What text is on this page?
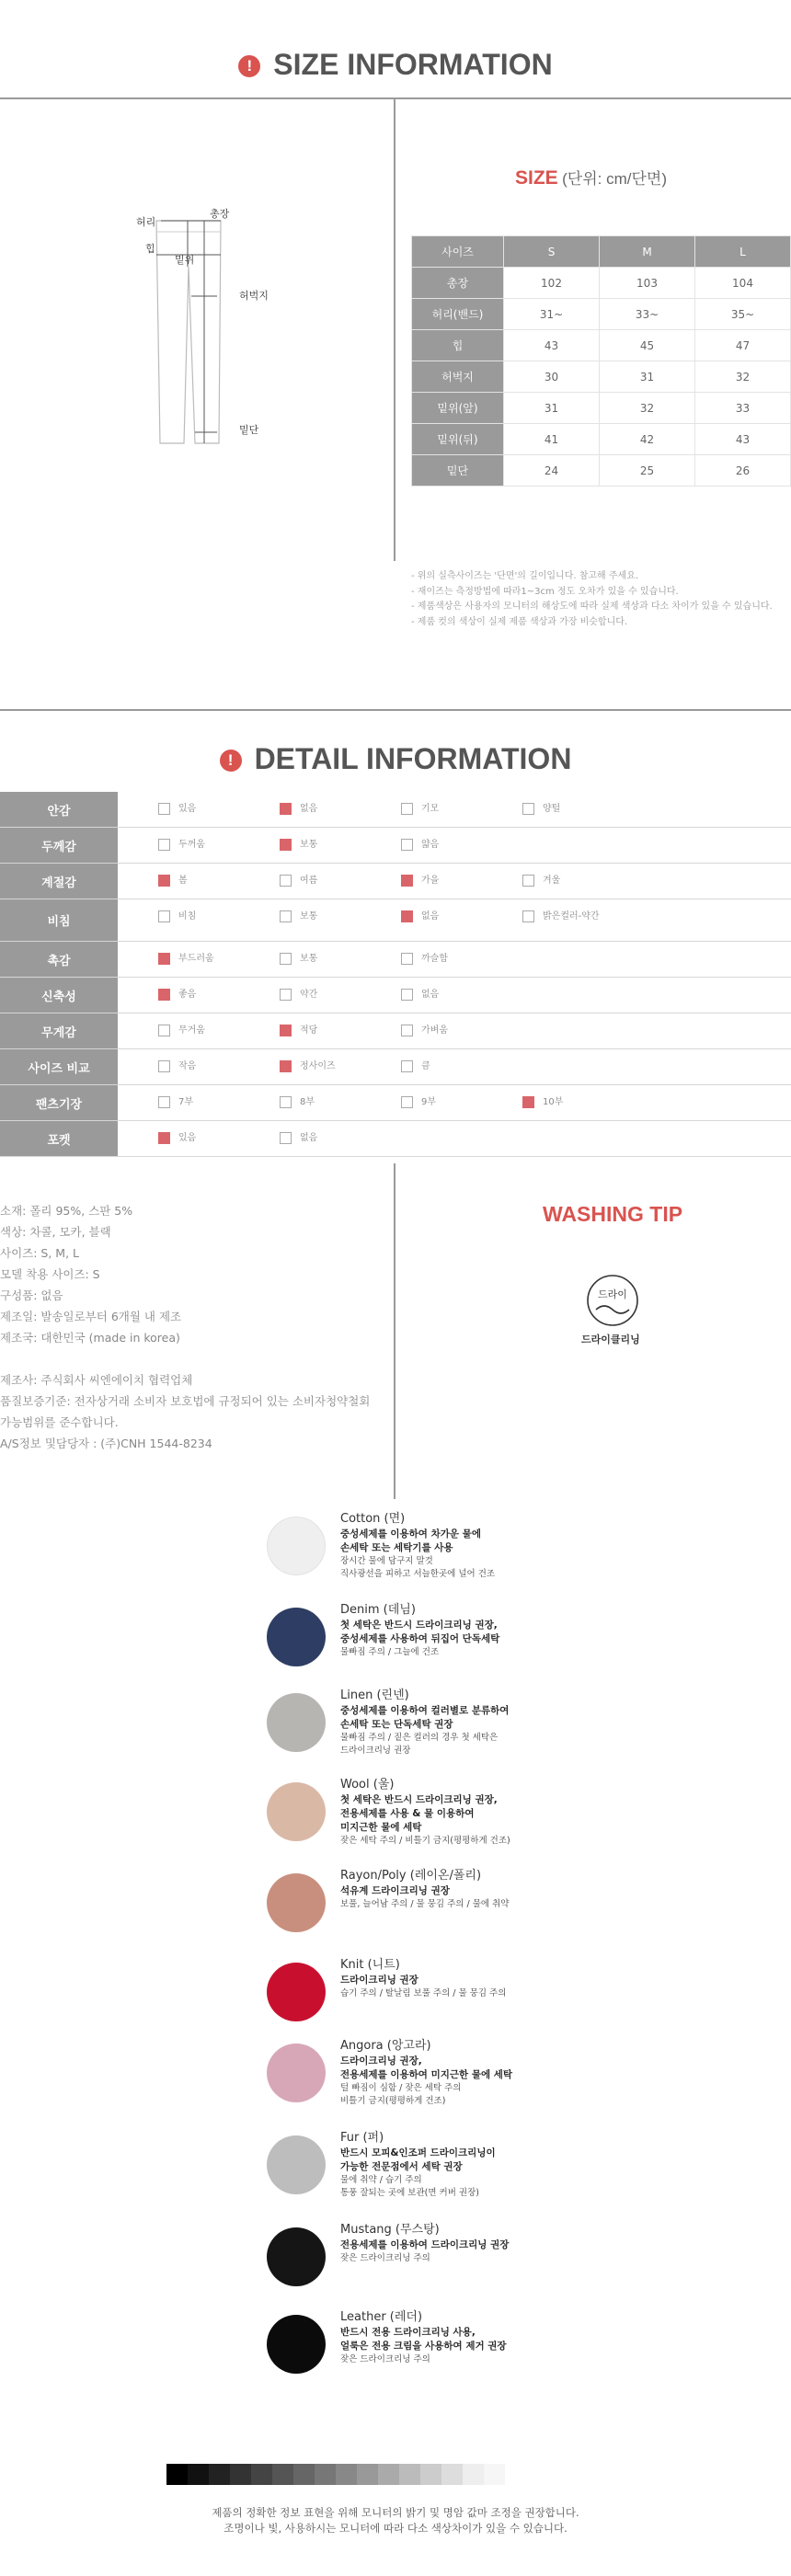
! SIZE INFORMATION
허리
총장
힙
밑위
허벅지
밑단
SIZE (단위: cm/단면)
사이즈	S	M	L
총장	102	103	104
허리(밴드)	31~	33~	35~
힙	43	45	47
허벅지	30	31	32
밑위(앞)	31	32	33
밑위(뒤)	41	42	43
밑단	24	25	26
- 위의 실측사이즈는 '단면'의 길이입니다. 참고해 주세요.
- 재이즈는 측정방법에 따라1~3cm 정도 오차가 있을 수 있습니다.
- 제품색상은 사용자의 모니터의 해상도에 따라 실제 색상과 다소 차이가 있을 수 있습니다.
- 제품 컷의 색상이 실제 제품 색상과 가장 비슷합니다.
! DETAIL INFORMATION
안감	있음	없음	기모	양털
두께감	두꺼움	보통	얇음
계절감	봄	여름	가을	겨울
비침	비침	보통	없음	밝은컬러-약간
촉감	부드러움	보통	까슬함
신축성	좋음	약간	없음
무게감	무거움	적당	가벼움
사이즈 비교	작음	정사이즈	큼
팬츠기장	7부	8부	9부	10부
포켓	있음	없음
소재: 폴리 95%, 스판 5%
색상: 차콜, 모카, 블랙
사이즈: S, M, L
모델 착용 사이즈: S
구성품: 없음
제조일: 발송일로부터 6개월 내 제조
제조국: 대한민국 (made in korea)
제조사: 주식회사 씨엔에이치 협력업체
품질보증기준: 전자상거래 소비자 보호법에 규정되어 있는 소비자청약철회
가능범위를 준수합니다.
A/S정보 및담당자 : (주)CNH 1544-8234
WASHING TIP
드라이
드라이클리닝
Cotton (면)
중성세제를 이용하여 차가운 물에
손세탁 또는 세탁기를 사용
장시간 물에 담구지 말것
직사광선을 피하고 서늘한곳에 널어 건조
Denim (데님)
첫 세탁은 반드시 드라이크리닝 권장,
중성세제를 사용하여 뒤집어 단독세탁
물빠짐 주의 / 그늘에 건조
Linen (린넨)
중성세제를 이용하여 컬러별로 분류하여
손세탁 또는 단독세탁 권장
물빠짐 주의 / 짙은 컬러의 경우 첫 세탁은
드라이크리닝 권장
Wool (울)
첫 세탁은 반드시 드라이크리닝 권장,
전용세제를 사용 & 물 이용하여
미지근한 물에 세탁
잦은 세탁 주의 / 비틀기 금지(평평하게 건조)
Rayon/Poly (레이온/폴리)
석유계 드라이크리닝 권장
보풀, 늘어남 주의 / 물 뭉김 주의 / 물에 취약
Knit (니트)
드라이크리닝 권장
습기 주의 / 탈날림 보풀 주의 / 물 뭉김 주의
Angora (앙고라)
드라이크리닝 권장,
전용세제를 이용하여 미지근한 물에 세탁
털 빠짐이 심함 / 잦은 세탁 주의
비틀기 금지(평평하게 건조)
Fur (퍼)
반드시 모피&인조퍼 드라이크리닝이
가능한 전문점에서 세탁 권장
물에 취약 / 습기 주의
통풍 잘되는 곳에 보관(면 커버 권장)
Mustang (무스탕)
전용세제를 이용하여 드라이크리닝 권장
잦은 드라이크리닝 주의
Leather (레더)
반드시 전용 드라이크리닝 사용,
얼룩은 전용 크림을 사용하여 제거 권장
잦은 드라이크리닝 주의
제품의 정확한 정보 표현을 위해 모니터의 밝기 및 명암 값마 조정을 권장합니다.
조명이나 빛, 사용하시는 모니터에 따라 다소 색상차이가 있을 수 있습니다.
